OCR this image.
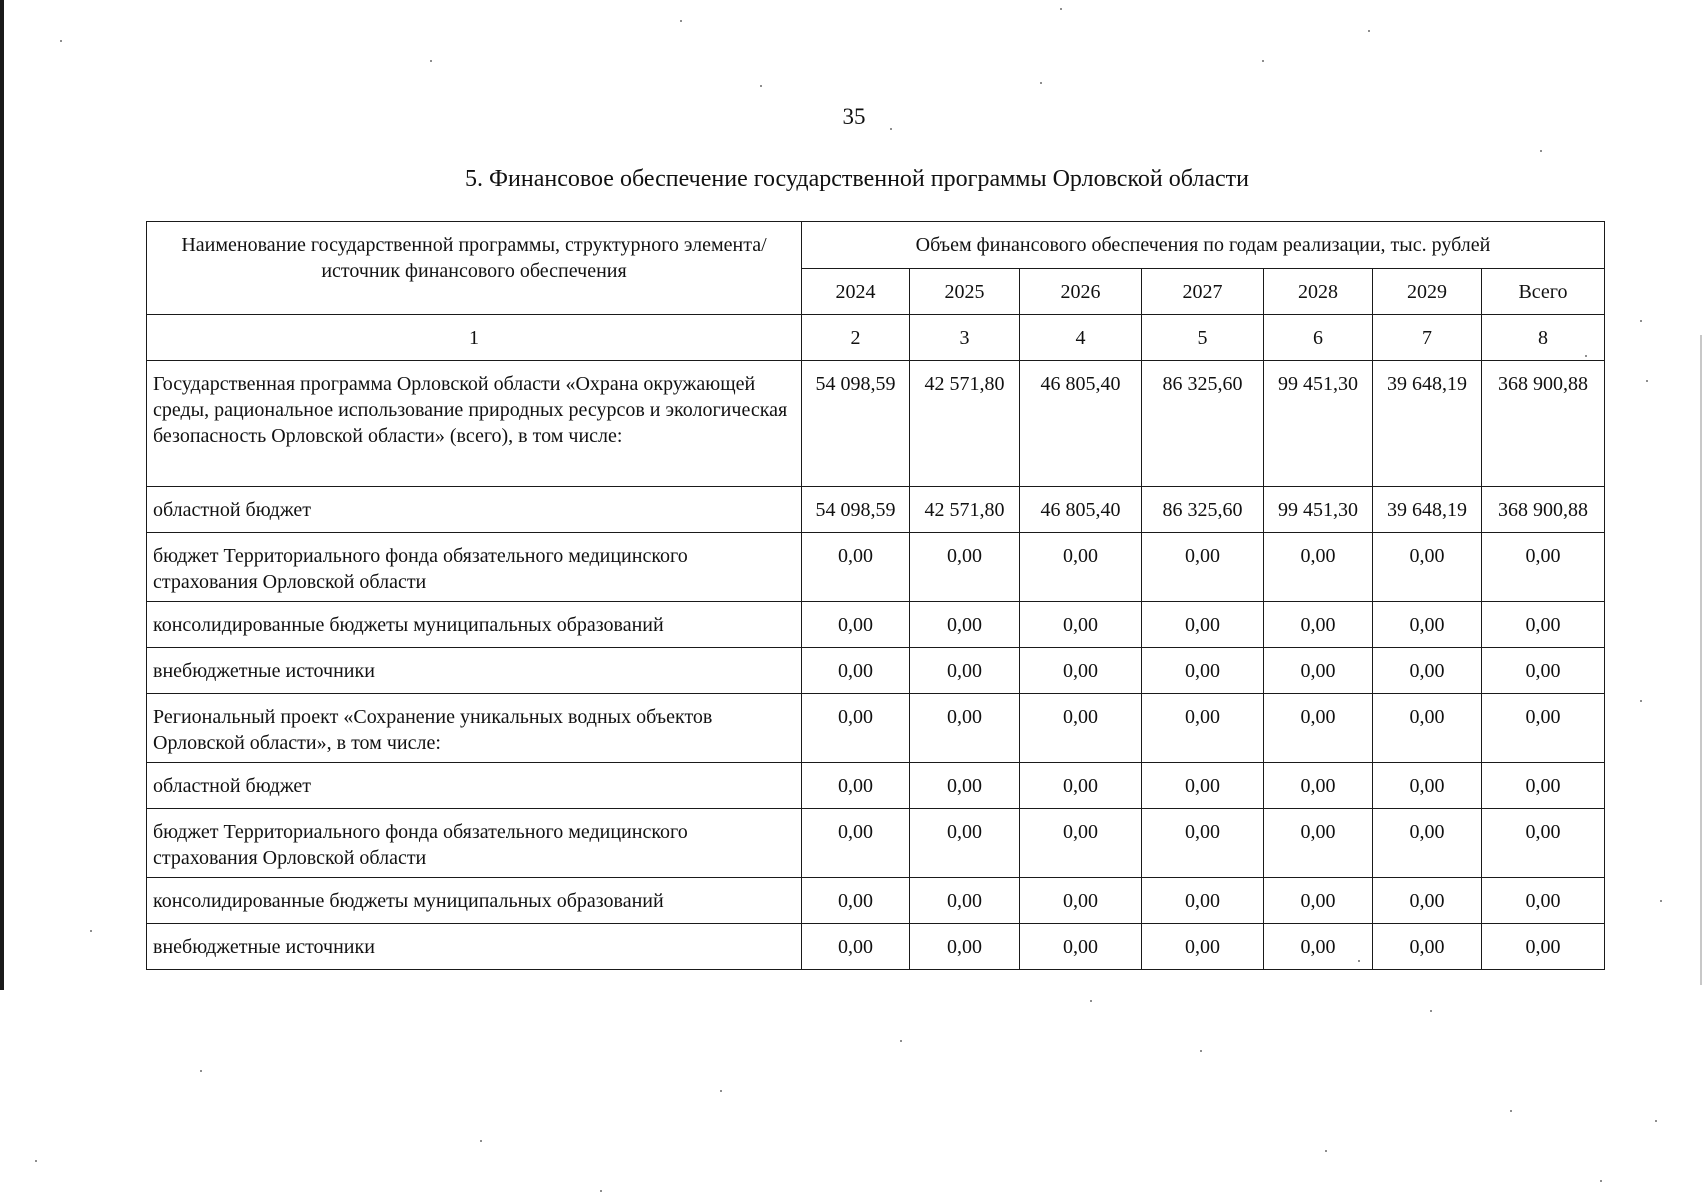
35
5. Финансовое обеспечение государственной программы Орловской области
Наименование государственной программы, структурного элемента/источник финансового обеспечения	Объем финансового обеспечения по годам реализации, тыс. рублей						
	2024	2025	2026	2027	2028	2029	Всего
1	2	3	4	5	6	7	8
Государственная программа Орловской области «Охрана окружающей среды, рациональное использование природных ресурсов и экологическая безопасность Орловской области» (всего), в том числе:	54 098,59	42 571,80	46 805,40	86 325,60	99 451,30	39 648,19	368 900,88
областной бюджет	54 098,59	42 571,80	46 805,40	86 325,60	99 451,30	39 648,19	368 900,88
бюджет Территориального фонда обязательного медицинского страхования Орловской области	0,00	0,00	0,00	0,00	0,00	0,00	0,00
консолидированные бюджеты муниципальных образований	0,00	0,00	0,00	0,00	0,00	0,00	0,00
внебюджетные источники	0,00	0,00	0,00	0,00	0,00	0,00	0,00
Региональный проект «Сохранение уникальных водных объектов Орловской области», в том числе:	0,00	0,00	0,00	0,00	0,00	0,00	0,00
областной бюджет	0,00	0,00	0,00	0,00	0,00	0,00	0,00
бюджет Территориального фонда обязательного медицинского страхования Орловской области	0,00	0,00	0,00	0,00	0,00	0,00	0,00
консолидированные бюджеты муниципальных образований	0,00	0,00	0,00	0,00	0,00	0,00	0,00
внебюджетные источники	0,00	0,00	0,00	0,00	0,00	0,00	0,00
